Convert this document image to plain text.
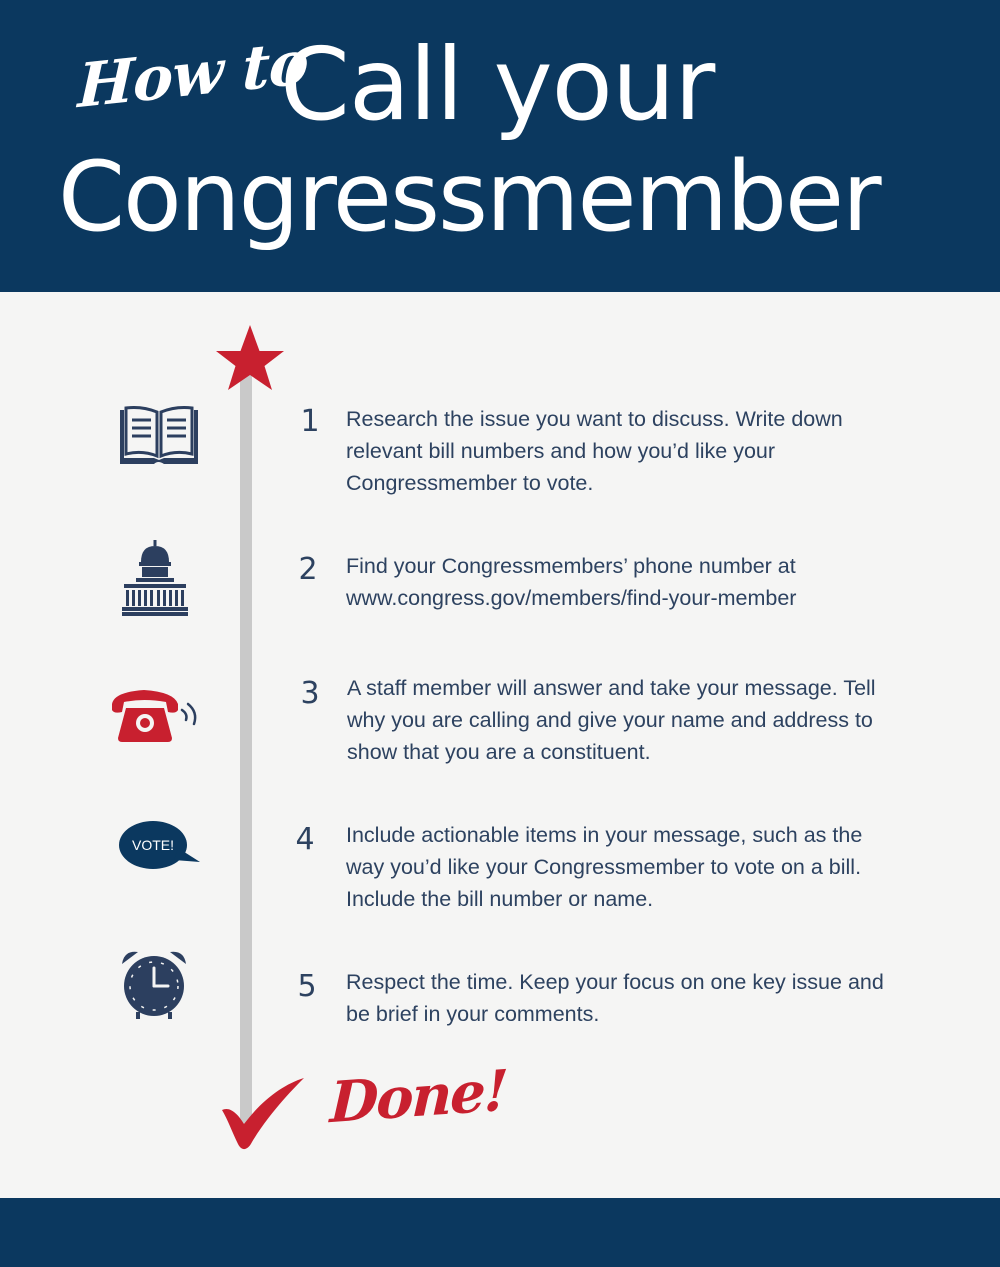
How to
Call your
Congressmember
VOTE!
1
2
3
4
5
Research the issue you want to discuss. Write down relevant bill numbers and how you’d like your Congressmember to vote.
Find your Congressmembers’ phone number at www.congress.gov/members/find-your-member
A staff member will answer and take your message. Tell why you are calling and give your name and address to show that you are a constituent.
Include actionable items in your message, such as the way you’d like your Congressmember to vote on a bill. Include the bill number or name.
Respect the time. Keep your focus on one key issue and be brief in your comments.
Done!
